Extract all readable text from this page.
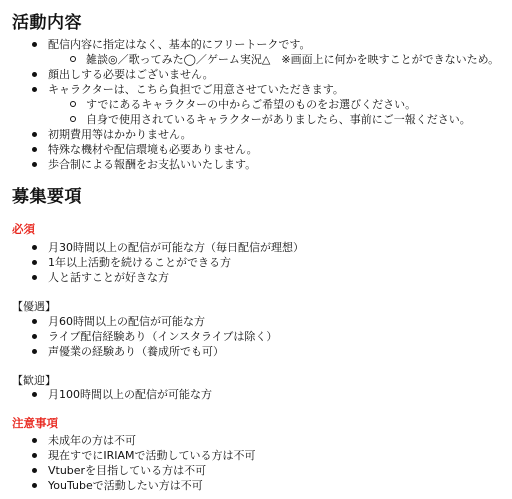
活動内容
配信内容に指定はなく、基本的にフリートークです。
雑談◎／歌ってみた◯／ゲーム実況△　※画面上に何かを映すことができないため。
顔出しする必要はございません。
キャラクターは、こちら負担でご用意させていただきます。
すでにあるキャラクターの中からご希望のものをお選びください。
自身で使用されているキャラクターがありましたら、事前にご一報ください。
初期費用等はかかりません。
特殊な機材や配信環境も必要ありません。
歩合制による報酬をお支払いいたします。
募集要項
必須
月30時間以上の配信が可能な方（毎日配信が理想）
1年以上活動を続けることができる方
人と話すことが好きな方
【優遇】
月60時間以上の配信が可能な方
ライブ配信経験あり（インスタライブは除く）
声優業の経験あり（養成所でも可）
【歓迎】
月100時間以上の配信が可能な方
注意事項
未成年の方は不可
現在すでにIRIAMで活動している方は不可
Vtuberを目指している方は不可
YouTubeで活動したい方は不可
